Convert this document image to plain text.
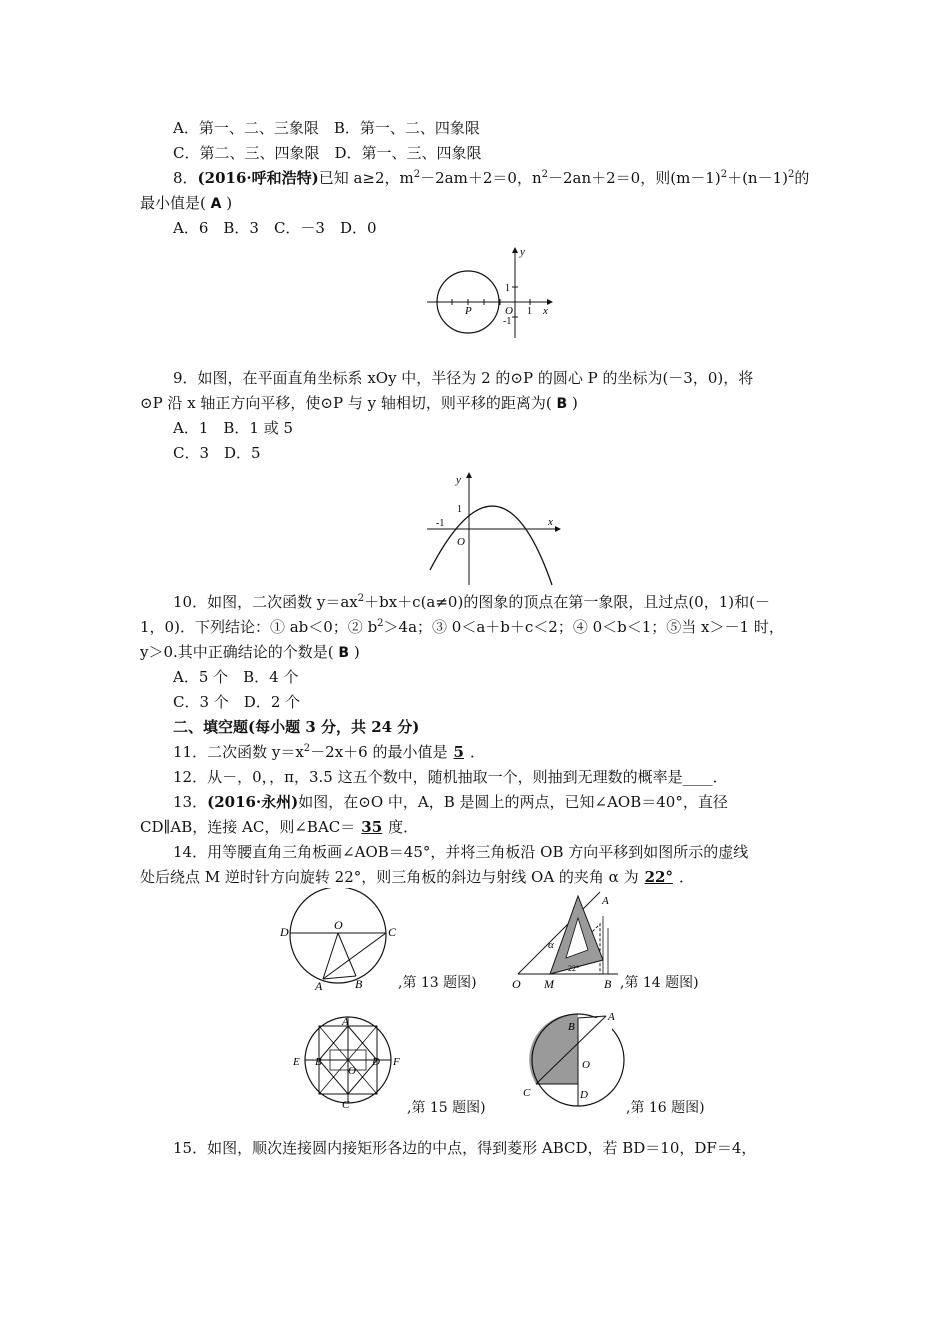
A．第一、二、三象限　B．第一、二、四象限
C．第二、三、四象限　D．第一、三、四象限
8．(2016·呼和浩特)已知 a≥2，$m^2-2am+2=0$，$n^2-2an+2=0$，则$(m-1)^2+(n-1)^2$的
最小值是( A )
A．6　B．3　C．－3　D．0
y
x
1
-1
O 1
P
9．如图，在平面直角坐标系 xOy 中，半径为 2 的⊙P 的圆心 P 的坐标为(－3，0)，将
⊙P 沿 x 轴正方向平移，使⊙P 与 y 轴相切，则平移的距离为( B )
A．1　B．1 或 5
C．3　D．5
y
x
1
-1
O
10．如图，二次函数 $y=ax^2+bx+c(a\ne 0)$的图象的顶点在第一象限，且过点(0，1)和(－
1，0)．下列结论：① ab＜0；② $b^2>4a$；③ 0＜a＋b＋c＜2；④ 0＜b＜1；⑤当 x＞－1 时，
y＞0.其中正确结论的个数是( B )
A．5 个　B．4 个
C．3 个　D．2 个
二、填空题(每小题 3 分，共 24 分)
11．二次函数 $y=x^2-2x+6$ 的最小值是 5 ．
12．从－，0，，π，3.5 这五个数中，随机抽取一个，则抽到无理数的概率是____．
13．(2016·永州)如图，在⊙O 中，A，B 是圆上的两点，已知∠AOB＝40°，直径
CD∥AB，连接 AC，则∠BAC＝ 35 度．
14．用等腰直角三角板画∠AOB＝45°，并将三角板沿 OB 方向平移到如图所示的虚线
处后绕点 M 逆时针方向旋转 22°，则三角板的斜边与射线 OA 的夹角 α 为 22° ．
O	C
D
A	B	,第 13 题图)
A
α
O M	B
22°
,第 14 题图)
A
E B	D F
O
C	,第 15 题图)
B
A
O
C	D
,第 16 题图)
15．如图，顺次连接圆内接矩形各边的中点，得到菱形 ABCD，若 BD＝10，DF＝4，
